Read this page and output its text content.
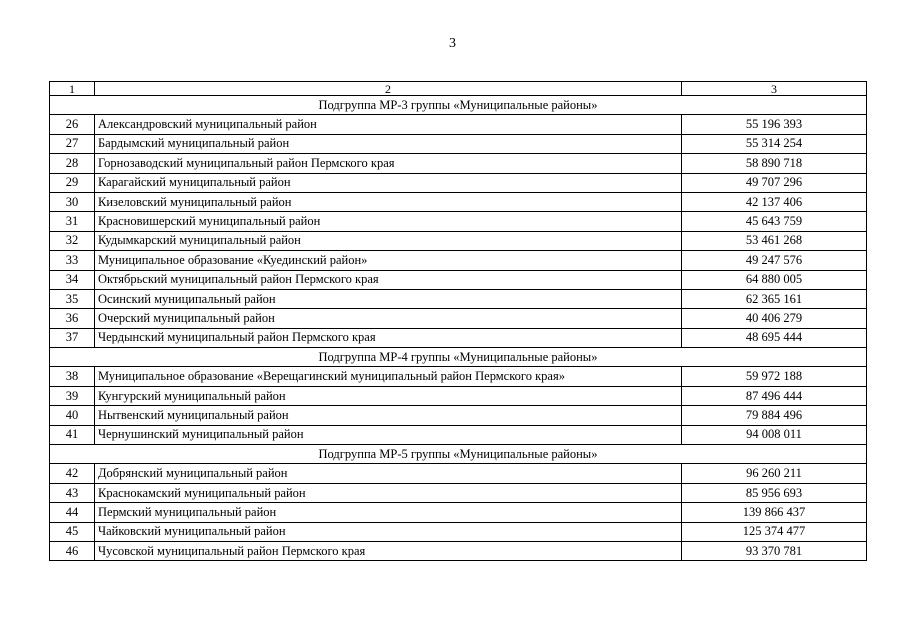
3
1	2	3
Подгруппа МР-3 группы «Муниципальные районы»		
26	Александровский муниципальный район	55 196 393
27	Бардымский муниципальный район	55 314 254
28	Горнозаводский муниципальный район Пермского края	58 890 718
29	Карагайский муниципальный район	49 707 296
30	Кизеловский муниципальный район	42 137 406
31	Красновишерский муниципальный район	45 643 759
32	Кудымкарский муниципальный район	53 461 268
33	Муниципальное образование «Куединский район»	49 247 576
34	Октябрьский муниципальный район Пермского края	64 880 005
35	Осинский муниципальный район	62 365 161
36	Очерский муниципальный район	40 406 279
37	Чердынский муниципальный район Пермского края	48 695 444
Подгруппа МР-4 группы «Муниципальные районы»		
38	Муниципальное образование «Верещагинский муниципальный район Пермского края»	59 972 188
39	Кунгурский муниципальный район	87 496 444
40	Нытвенский муниципальный район	79 884 496
41	Чернушинский муниципальный район	94 008 011
Подгруппа МР-5 группы «Муниципальные районы»		
42	Добрянский муниципальный район	96 260 211
43	Краснокамский муниципальный район	85 956 693
44	Пермский муниципальный район	139 866 437
45	Чайковский муниципальный район	125 374 477
46	Чусовской муниципальный район Пермского края	93 370 781
